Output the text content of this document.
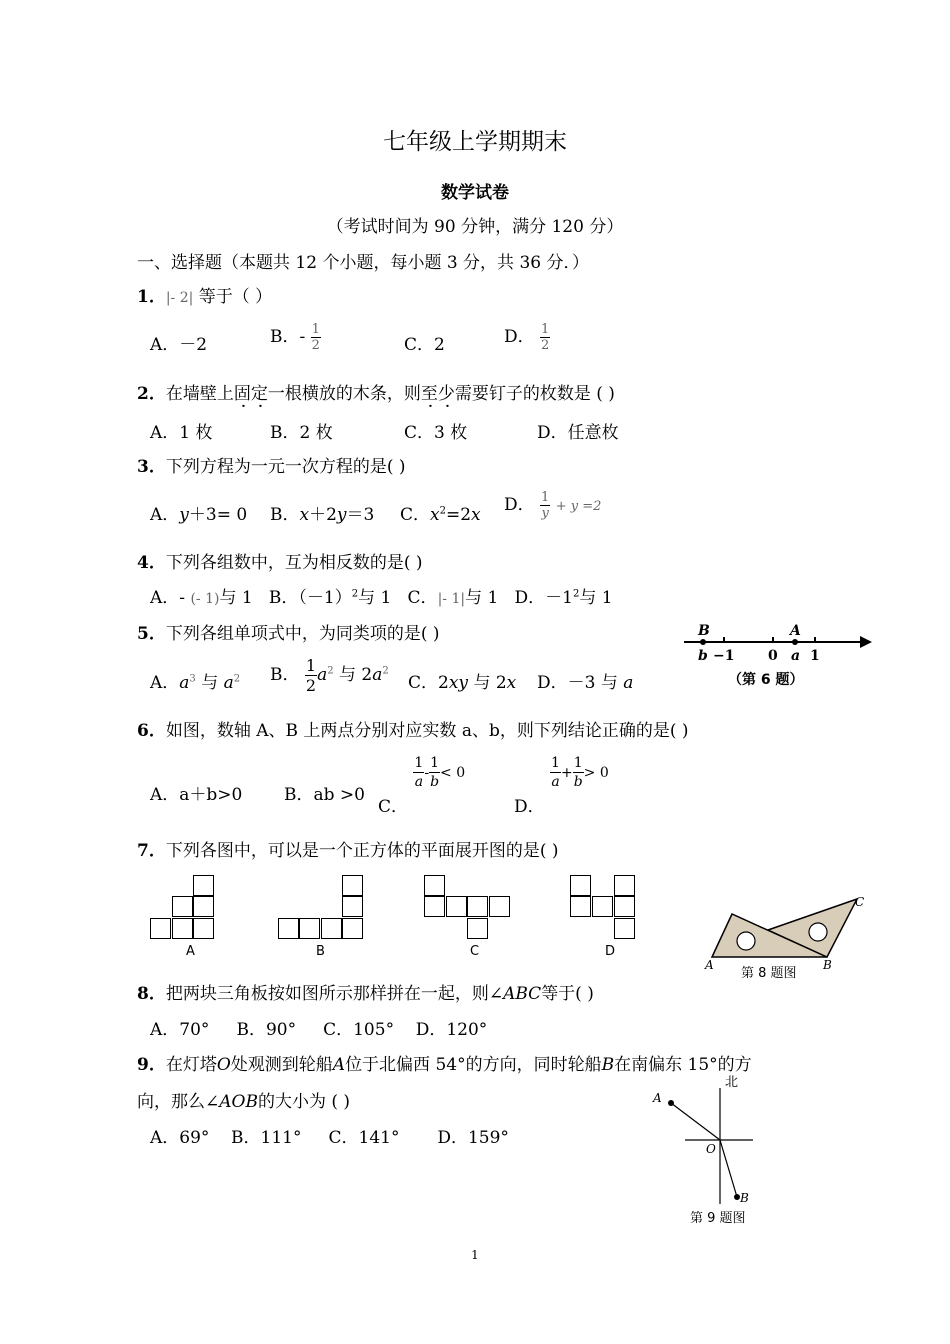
七年级上学期期末
数学试卷
（考试时间为 90 分钟，满分 120 分）
一、选择题（本题共 12 个小题，每小题 3 分，共 36 分．）
1．|- 2| 等于（ ）
A．－2	B．- $\frac{1}{2}$	C．2	D． $\frac{1}{2}$
2．在墙壁上固定一根横放的木条，则至少需要钉子的枚数是 ( )
A．1 枚	B．2 枚	C．3 枚	D．任意枚
3．下列方程为一元一次方程的是( )
A．y＋3= 0 B．x＋2y＝3 C．$x^2=2x$ D． $\frac{1}{y} + y =2$
4．下列各组数中，互为相反数的是( )
A．- (- 1)与 1 B．$(-1)^2$与 1 C．|- 1|与 1 D．$-1^2$与 1
5．下列各组单项式中，为同类项的是( )
A．$a^3$ 与 $a^2$ B． $\frac{1}{2} a^2$ 与 $2a^2$
C．2xy 与 2x D．－3 与 a
B	A
b −1 0 a 1
（第 6 题）
6．如图，数轴 A、B 上两点分别对应实数 a、b，则下列结论正确的是( )
A．a＋b>0 B．ab >0
C．
$\frac{1}{a} - \frac{1}{b} < 0$
D．
$\frac{1}{a} + \frac{1}{b} > 0$
7．下列各图中，可以是一个正方体的平面展开图的是( )
A	B	C	D
A	B
C
第 8 题图
8．把两块三角板按如图所示那样拼在一起，则∠ABC等于( )
A．70° B．90° C．105° D．120°
9．在灯塔O处观测到轮船A位于北偏西 54°的方向，同时轮船B在南偏东 15°的方
向，那么∠AOB的大小为 ( )
A．69° B．111° C．141° D．159°
北
A
O
B
第 9 题图
1
